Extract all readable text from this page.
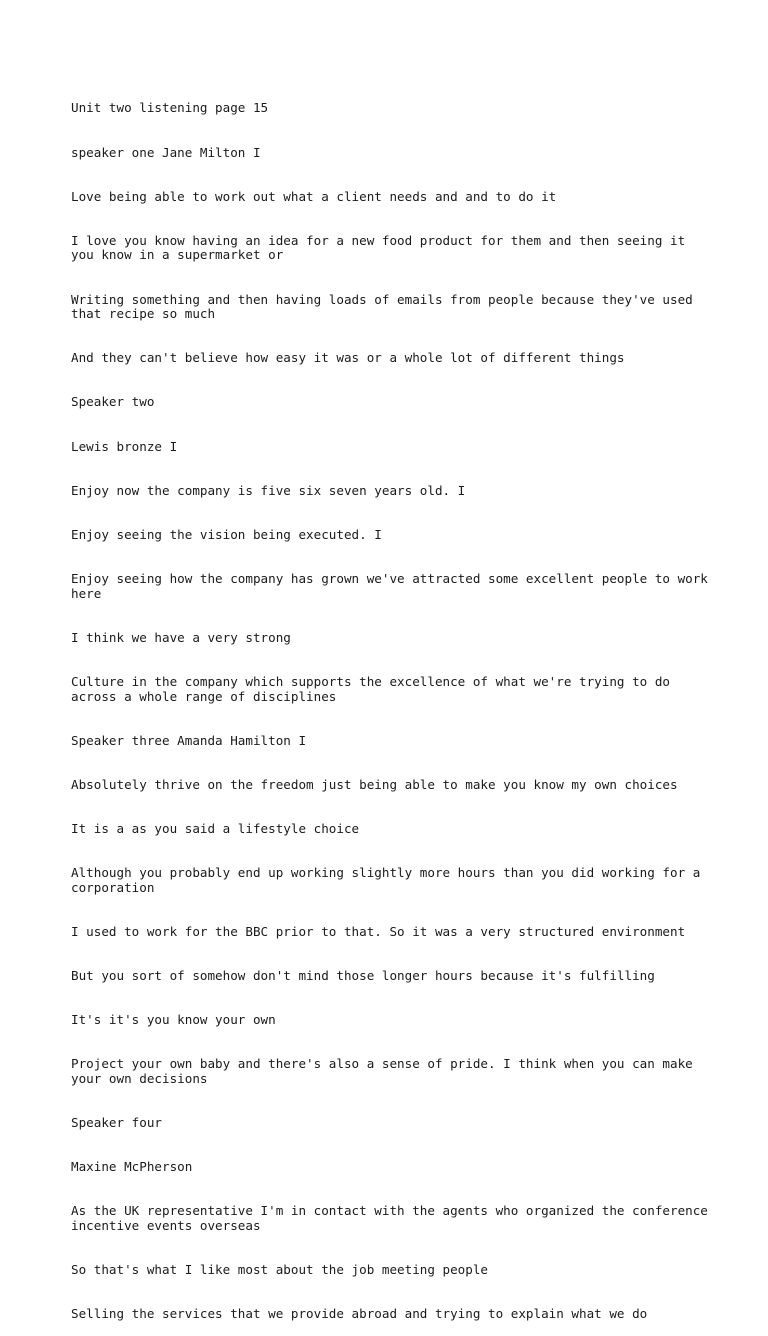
Unit two listening page 15

speaker one Jane Milton I

Love being able to work out what a client needs and and to do it

I love you know having an idea for a new food product for them and then seeing it you know in a supermarket or

Writing something and then having loads of emails from people because they've used that recipe so much

And they can't believe how easy it was or a whole lot of different things

Speaker two

Lewis bronze I

Enjoy now the company is five six seven years old. I

Enjoy seeing the vision being executed. I

Enjoy seeing how the company has grown we've attracted some excellent people to work here

I think we have a very strong

Culture in the company which supports the excellence of what we're trying to do across a whole range of disciplines

Speaker three Amanda Hamilton I

Absolutely thrive on the freedom just being able to make you know my own choices

It is a as you said a lifestyle choice

Although you probably end up working slightly more hours than you did working for a corporation

I used to work for the BBC prior to that. So it was a very structured environment

But you sort of somehow don't mind those longer hours because it's fulfilling

It's it's you know your own

Project your own baby and there's also a sense of pride. I think when you can make your own decisions

Speaker four

Maxine McPherson

As the UK representative I'm in contact with the agents who organized the conference incentive events overseas

So that's what I like most about the job meeting people

Selling the services that we provide abroad and trying to explain what we do
